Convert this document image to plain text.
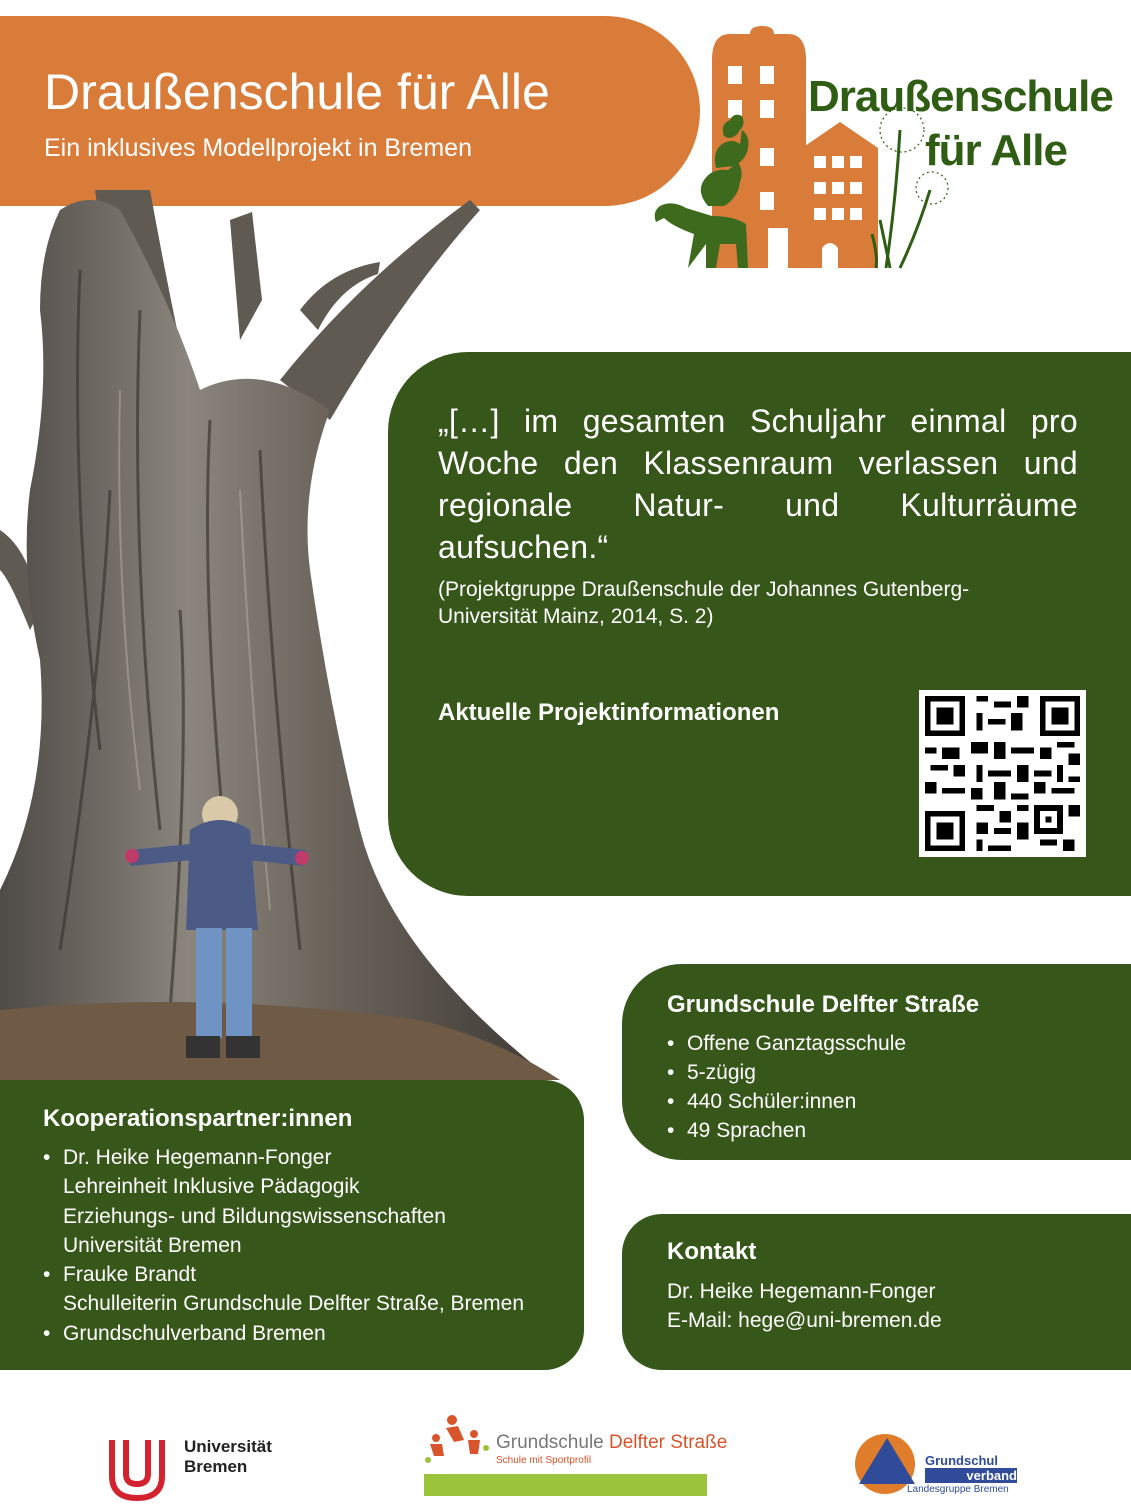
Draußenschule für Alle
Ein inklusives Modellprojekt in Bremen
Draußenschule
für Alle
„[…] im gesamten Schuljahr einmal pro Woche den Klassenraum verlassen und regionale Natur- und Kulturräume aufsuchen.“
(Projektgruppe Draußenschule der Johannes Gutenberg-Universität Mainz, 2014, S. 2)
Aktuelle Projektinformationen
Grundschule Delfter Straße
• Offene Ganztagsschule
• 5-zügig
• 440 Schüler:innen
• 49 Sprachen
Kontakt
Dr. Heike Hegemann-Fonger
E-Mail: hege@uni-bremen.de
Kooperationspartner:innen
• Dr. Heike Hegemann-Fonger
Lehreinheit Inklusive Pädagogik
Erziehungs- und Bildungswissenschaften
Universität Bremen
• Frauke Brandt
Schulleiterin Grundschule Delfter Straße, Bremen
• Grundschulverband Bremen
Universität
Bremen
Grundschule Delfter Straße
Schule mit Sportprofil	Grundschul
verband
Landesgruppe Bremen
